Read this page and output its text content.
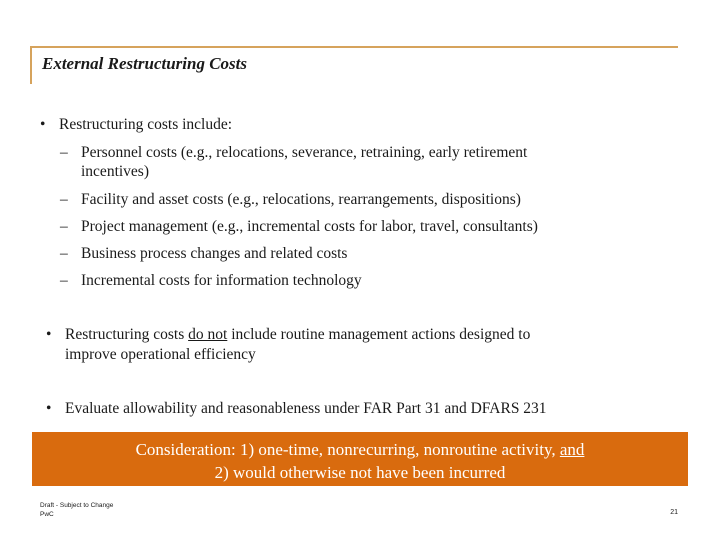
External Restructuring Costs
• Restructuring costs include:
– Personnel costs (e.g., relocations, severance, retraining, early retirement
incentives)
– Facility and asset costs (e.g., relocations, rearrangements, dispositions)
– Project management (e.g., incremental costs for labor, travel, consultants)
– Business process changes and related costs
– Incremental costs for information technology
• Restructuring costs do not include routine management actions designed to
improve operational efficiency
• Evaluate allowability and reasonableness under FAR Part 31 and DFARS 231
Consideration: 1) one-time, nonrecurring, nonroutine activity, and
2) would otherwise not have been incurred
Draft - Subject to Change
PwC	21
